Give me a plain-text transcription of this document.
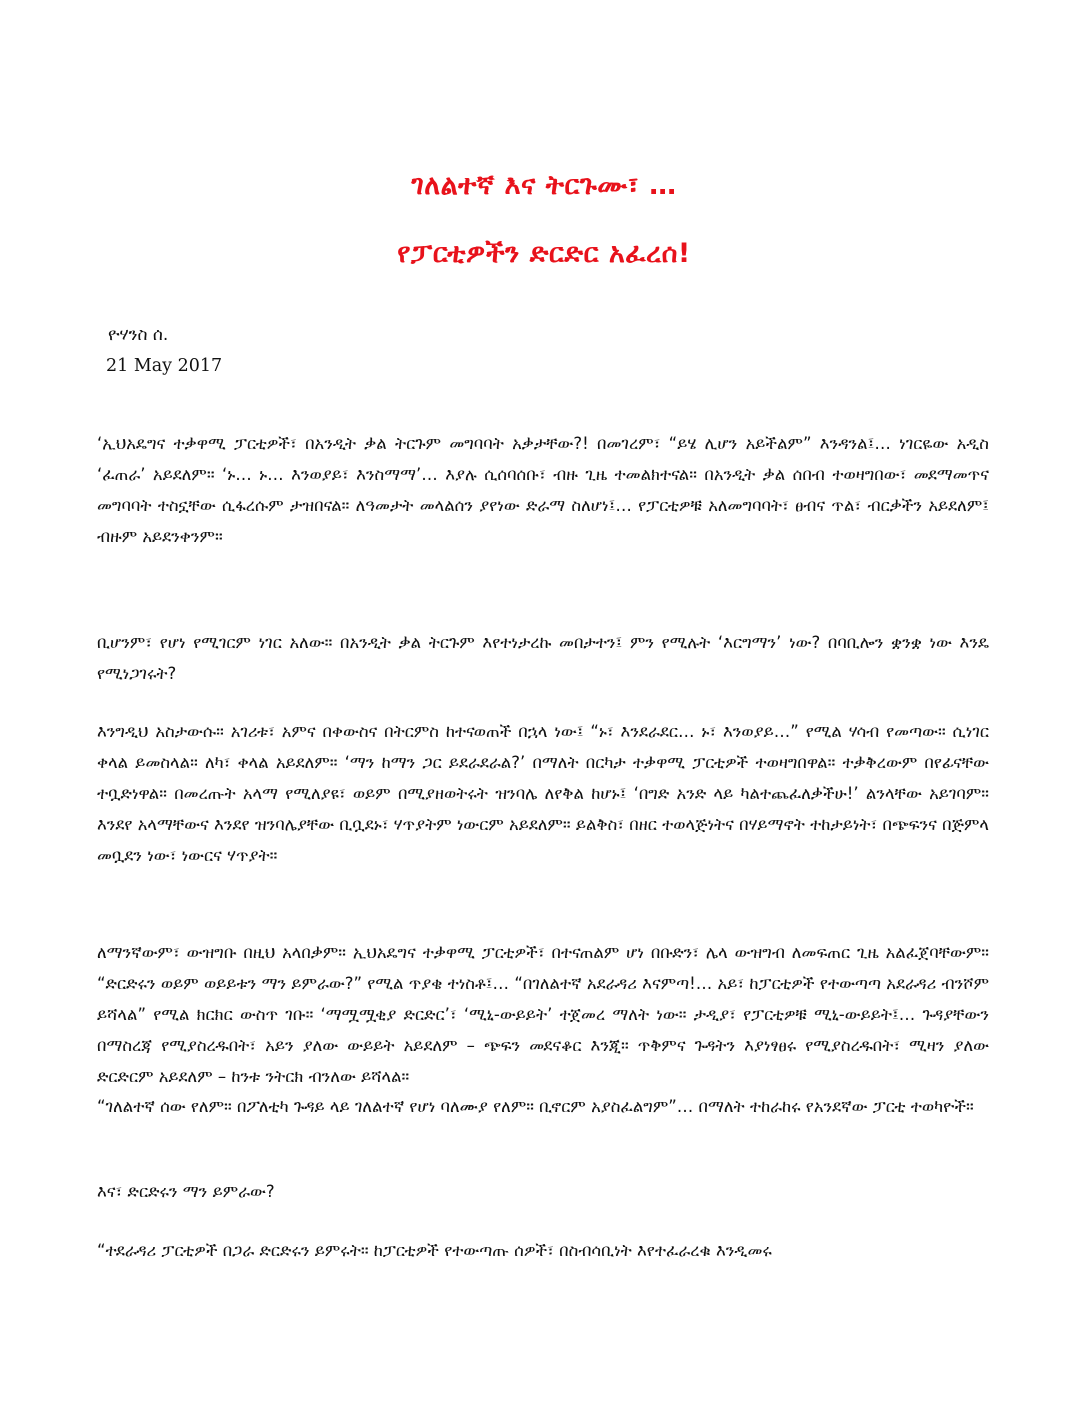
ገለልተኛ እና ትርጉሙ፣ …
የፓርቲዎችን ድርድር አፈረሰ!
ዮሃንስ ሰ.
21 May 2017

‘ኢህአዴግና ተቃዋሚ ፓርቲዎች፣ በአንዲት ቃል ትርጉም መግባባት አቃታቸው?! በመገረም፣ “ይሄ ሊሆን አይችልም” እንዳንል፤… ነገርዬው አዲስ ‘ፈጠራ’ አይደለም። ‘ኑ… ኑ… እንወያይ፣ እንስማማ’… እያሉ ሲሰባሰቡ፣ ብዙ ጊዜ ተመልክተናል። በአንዲት ቃል ሰበብ ተወዛግበው፣ መደማመጥና መግባባት ተስኗቸው ሲፋረሱም ታዝበናል። ለዓመታት መላልሰን ያየነው ድራማ ስለሆነ፤… የፓርቲዎቹ አለመግባባት፣ ፀብና ጥል፣ ብርቃችን አይደለም፤ ብዙም አይደንቀንም።

ቢሆንም፣ የሆነ የሚገርም ነገር አለው። በአንዲት ቃል ትርጉም እየተነታረኩ መበታተን፤ ምን የሚሉት ‘እርግማን’ ነው? በባቢሎን ቋንቋ ነው እንዴ የሚነጋገሩት?

እንግዲህ አስታውሱ። አገሪቱ፣ አምና በቀውስና በትርምስ ከተናወጠች በኋላ ነው፤ “ኑ፣ እንደራደር… ኑ፣ እንወያይ…” የሚል ሃሳብ የመጣው። ሲነገር ቀላል ይመስላል። ለካ፣ ቀላል አይደለም። ‘ማን ከማን ጋር ይደራደራል?’ በማለት በርካታ ተቃዋሚ ፓርቲዎች ተወዛግበዋል። ተቃቅረውም በየፊናቸው ተቧድነዋል። በመረጡት አላማ የሚለያዩ፣ ወይም በሚያዘወትሩት ዝንባሌ ለየቅል ከሆኑ፤ ‘በግድ አንድ ላይ ካልተጨፈለቃችሁ!’ ልንላቸው አይገባም። እንደየ አላማቸውና እንደየ ዝንባሌያቸው ቢቧደኑ፣ ሃጥያትም ነውርም አይደለም። ይልቅስ፣ በዘር ተወላጅነትና በሃይማኖት ተከታይነት፣ በጭፍንና በጅምላ መቧደን ነው፣ ነውርና ሃጥያት።

ለማንኛውም፣ ውዝግቡ በዚህ አላበቃም። ኢህአዴግና ተቃዋሚ ፓርቲዎች፣ በተናጠልም ሆነ በቡድን፣ ሌላ ውዝግብ ለመፍጠር ጊዜ አልፈጀባቸውም። “ድርድሩን ወይም ወይይቱን ማን ይምራው?” የሚል ጥያቄ ተነስቶ፤… “በገለልተኛ አደራዳሪ እናምጣ!… አይ፣ ከፓርቲዎች የተውጣጣ አደራዳሪ ብንሾም ይሻላል” የሚል ክርክር ውስጥ ገቡ። ‘ማሟሟቂያ ድርድር’፣ ‘ሚኒ-ውይይት’ ተጀመረ ማለት ነው። ታዲያ፣ የፓርቲዎቹ ሚኒ-ውይይት፤… ጉዳያቸውን በማስረጃ የሚያስረዱበት፣ አይን ያለው ውይይት አይደለም – ጭፍን መደናቆር እንጂ። ጥቅምና ጉዳትን እያነፃፀሩ የሚያስረዱበት፣ ሚዛን ያለው ድርድርም አይደለም – ከንቱ ንትርክ ብንለው ይሻላል።

“ገለልተኛ ሰው የለም። በፖለቲካ ጉዳይ ላይ ገለልተኛ የሆነ ባለሙያ የለም። ቢኖርም አያስፈልግም”… በማለት ተከራከሩ የአንደኛው ፓርቲ ተወካዮች።

እና፣ ድርድሩን ማን ይምራው?

“ተደራዳሪ ፓርቲዎች በጋራ ድርድሩን ይምሩት። ከፓርቲዎች የተውጣጡ ሰዎች፣ በስብሳቢነት እየተፈራረቁ እንዲመሩ
